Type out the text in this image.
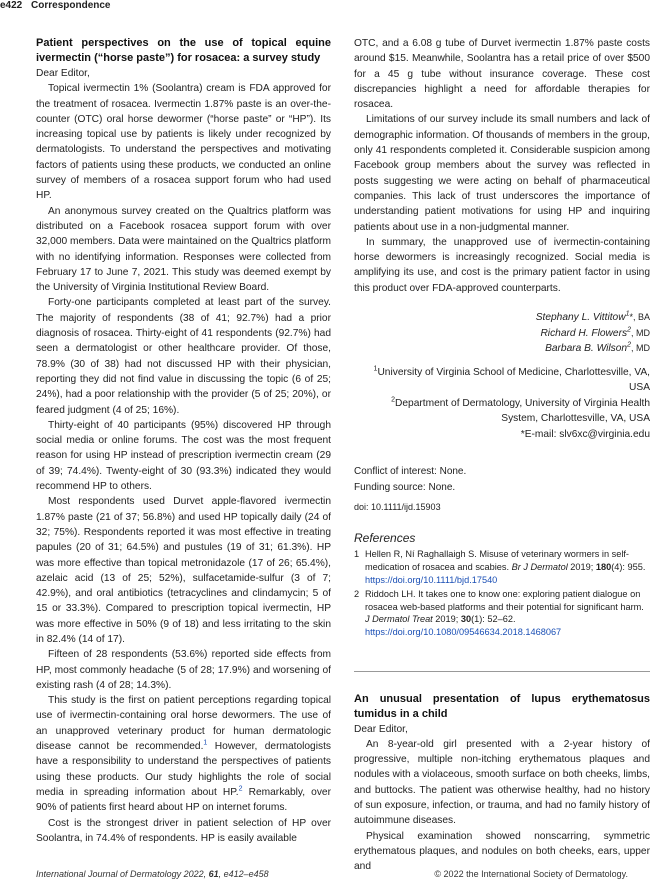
e422 Correspondence

Patient perspectives on the use of topical equine ivermectin (“horse paste”) for rosacea: a survey study

Dear Editor,

Topical ivermectin 1% (Soolantra) cream is FDA approved for the treatment of rosacea. Ivermectin 1.87% paste is an over-the-counter (OTC) oral horse dewormer (“horse paste” or “HP”). Its increasing topical use by patients is likely under recognized by dermatologists. To understand the perspectives and motivating factors of patients using these products, we conducted an online survey of members of a rosacea support forum who had used HP.

An anonymous survey created on the Qualtrics platform was distributed on a Facebook rosacea support forum with over 32,000 members. Data were maintained on the Qualtrics platform with no identifying information. Responses were collected from February 17 to June 7, 2021. This study was deemed exempt by the University of Virginia Institutional Review Board.

Forty-one participants completed at least part of the survey. The majority of respondents (38 of 41; 92.7%) had a prior diagnosis of rosacea. Thirty-eight of 41 respondents (92.7%) had seen a dermatologist or other healthcare provider. Of those, 78.9% (30 of 38) had not discussed HP with their physician, reporting they did not find value in discussing the topic (6 of 25; 24%), had a poor relationship with the provider (5 of 25; 20%), or feared judgment (4 of 25; 16%).

Thirty-eight of 40 participants (95%) discovered HP through social media or online forums. The cost was the most frequent reason for using HP instead of prescription ivermectin cream (29 of 39; 74.4%). Twenty-eight of 30 (93.3%) indicated they would recommend HP to others.

Most respondents used Durvet apple-flavored ivermectin 1.87% paste (21 of 37; 56.8%) and used HP topically daily (24 of 32; 75%). Respondents reported it was most effective in treating papules (20 of 31; 64.5%) and pustules (19 of 31; 61.3%). HP was more effective than topical metronidazole (17 of 26; 65.4%), azelaic acid (13 of 25; 52%), sulfacetamide-sulfur (3 of 7; 42.9%), and oral antibiotics (tetracyclines and clindamycin; 5 of 15 or 33.3%). Compared to prescription topical ivermectin, HP was more effective in 50% (9 of 18) and less irritating to the skin in 82.4% (14 of 17).

Fifteen of 28 respondents (53.6%) reported side effects from HP, most commonly headache (5 of 28; 17.9%) and worsening of existing rash (4 of 28; 14.3%).

This study is the first on patient perceptions regarding topical use of ivermectin-containing oral horse dewormers. The use of an unapproved veterinary product for human dermatologic disease cannot be recommended.$^1$ However, dermatologists have a responsibility to understand the perspectives of patients using these products. Our study highlights the role of social media in spreading information about HP.$^2$ Remarkably, over 90% of patients first heard about HP on internet forums.

Cost is the strongest driver in patient selection of HP over Soolantra, in 74.4% of respondents. HP is easily available

OTC, and a 6.08 g tube of Durvet ivermectin 1.87% paste costs around $15. Meanwhile, Soolantra has a retail price of over $500 for a 45 g tube without insurance coverage. These cost discrepancies highlight a need for affordable therapies for rosacea.

Limitations of our survey include its small numbers and lack of demographic information. Of thousands of members in the group, only 41 respondents completed it. Considerable suspicion among Facebook group members about the survey was reflected in posts suggesting we were acting on behalf of pharmaceutical companies. This lack of trust underscores the importance of understanding patient motivations for using HP and inquiring patients about use in a non-judgmental manner.

In summary, the unapproved use of ivermectin-containing horse dewormers is increasingly recognized. Social media is amplifying its use, and cost is the primary patient factor in using this product over FDA-approved counterparts.

Stephany L. Vittitow$^1$*, BA
Richard H. Flowers$^2$, MD
Barbara B. Wilson$^2$, MD
$^1$University of Virginia School of Medicine, Charlottesville, VA, USA
$^2$Department of Dermatology, University of Virginia Health System, Charlottesville, VA, USA
*E-mail: slv6xc@virginia.edu
Conflict of interest: None.
Funding source: None.
doi: 10.1111/ijd.15903
References
1 Hellen R, Ní Raghallaigh S. Misuse of veterinary wormers in self-medication of rosacea and scabies. Br J Dermatol 2019; 180(4): 955. https://doi.org/10.1111/bjd.17540
2 Riddoch LH. It takes one to know one: exploring patient dialogue on rosacea web-based platforms and their potential for significant harm. J Dermatol Treat 2019; 30(1): 52–62. https://doi.org/10.1080/09546634.2018.1468067

An unusual presentation of lupus erythematosus tumidus in a child

Dear Editor,

An 8-year-old girl presented with a 2-year history of progressive, multiple non-itching erythematous plaques and nodules with a violaceous, smooth surface on both cheeks, limbs, and buttocks. The patient was otherwise healthy, had no history of sun exposure, infection, or trauma, and had no family history of autoimmune diseases.

Physical examination showed nonscarring, symmetric erythematous plaques, and nodules on both cheeks, ears, upper and

International Journal of Dermatology 2022, 61, e412–e458	© 2022 the International Society of Dermatology.
